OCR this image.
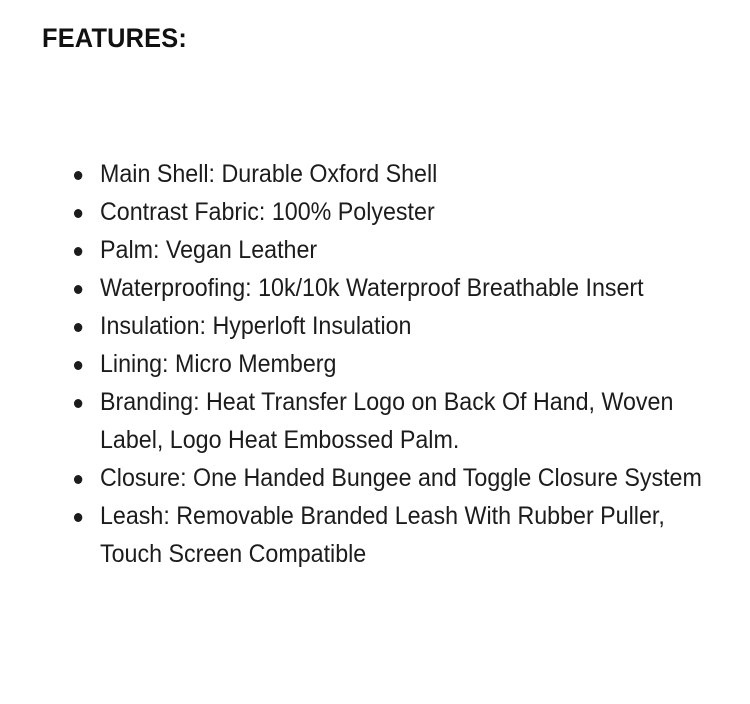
FEATURES:
Main Shell: Durable Oxford Shell
Contrast Fabric: 100% Polyester
Palm: Vegan Leather
Waterproofing: 10k/10k Waterproof Breathable Insert
Insulation: Hyperloft Insulation
Lining: Micro Memberg
Branding: Heat Transfer Logo on Back Of Hand, Woven Label, Logo Heat Embossed Palm.
Closure: One Handed Bungee and Toggle Closure System
Leash: Removable Branded Leash With Rubber Puller, Touch Screen Compatible
